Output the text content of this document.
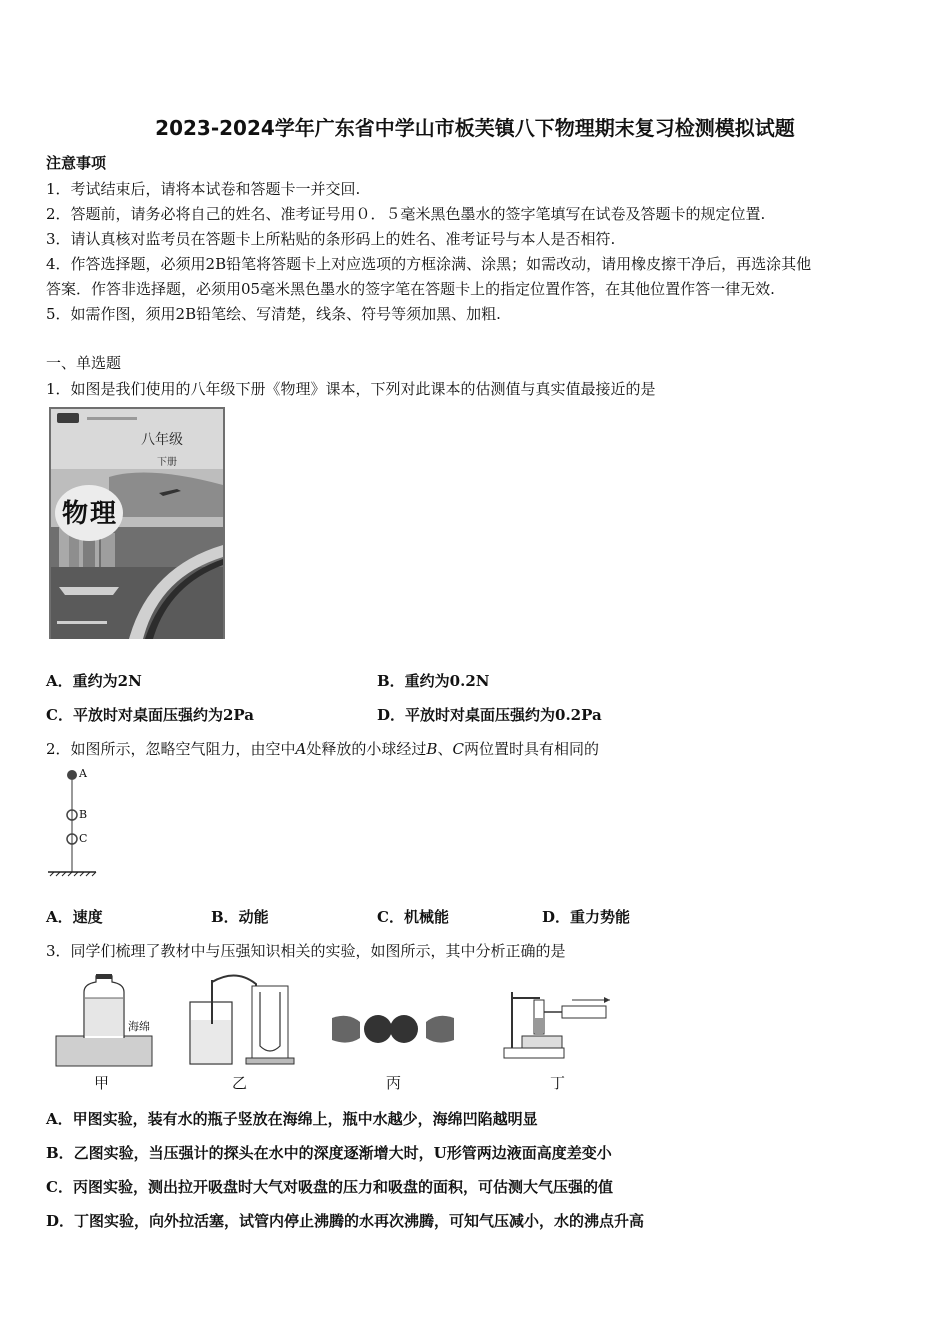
2023-2024学年广东省中学山市板芙镇八下物理期末复习检测模拟试题
注意事项
1．考试结束后，请将本试卷和答题卡一并交回.
2．答题前，请务必将自己的姓名、准考证号用０．５毫米黑色墨水的签字笔填写在试卷及答题卡的规定位置.
3．请认真核对监考员在答题卡上所粘贴的条形码上的姓名、准考证号与本人是否相符.
4．作答选择题，必须用2B铅笔将答题卡上对应选项的方框涂满、涂黑；如需改动，请用橡皮擦干净后，再选涂其他
答案．作答非选择题，必须用05毫米黑色墨水的签字笔在答题卡上的指定位置作答，在其他位置作答一律无效.
5．如需作图，须用2B铅笔绘、写清楚，线条、符号等须加黑、加粗.
一、单选题
1．如图是我们使用的八年级下册《物理》课本，下列对此课本的估测值与真实值最接近的是
八年级
下册
物理
A．重约为2N	B．重约为0.2N
C．平放时对桌面压强约为2Pa	D．平放时对桌面压强约为0.2Pa
2．如图所示，忽略空气阻力，由空中A处释放的小球经过B、C两位置时具有相同的
A
B
C
A．速度	B．动能	C．机械能	D．重力势能
3．同学们梳理了教材中与压强知识相关的实验，如图所示，其中分析正确的是
海绵
甲	乙	丙	丁
A．甲图实验，装有水的瓶子竖放在海绵上，瓶中水越少，海绵凹陷越明显
B．乙图实验，当压强计的探头在水中的深度逐渐增大时，U形管两边液面高度差变小
C．丙图实验，测出拉开吸盘时大气对吸盘的压力和吸盘的面积，可估测大气压强的值
D．丁图实验，向外拉活塞，试管内停止沸腾的水再次沸腾，可知气压减小，水的沸点升高
